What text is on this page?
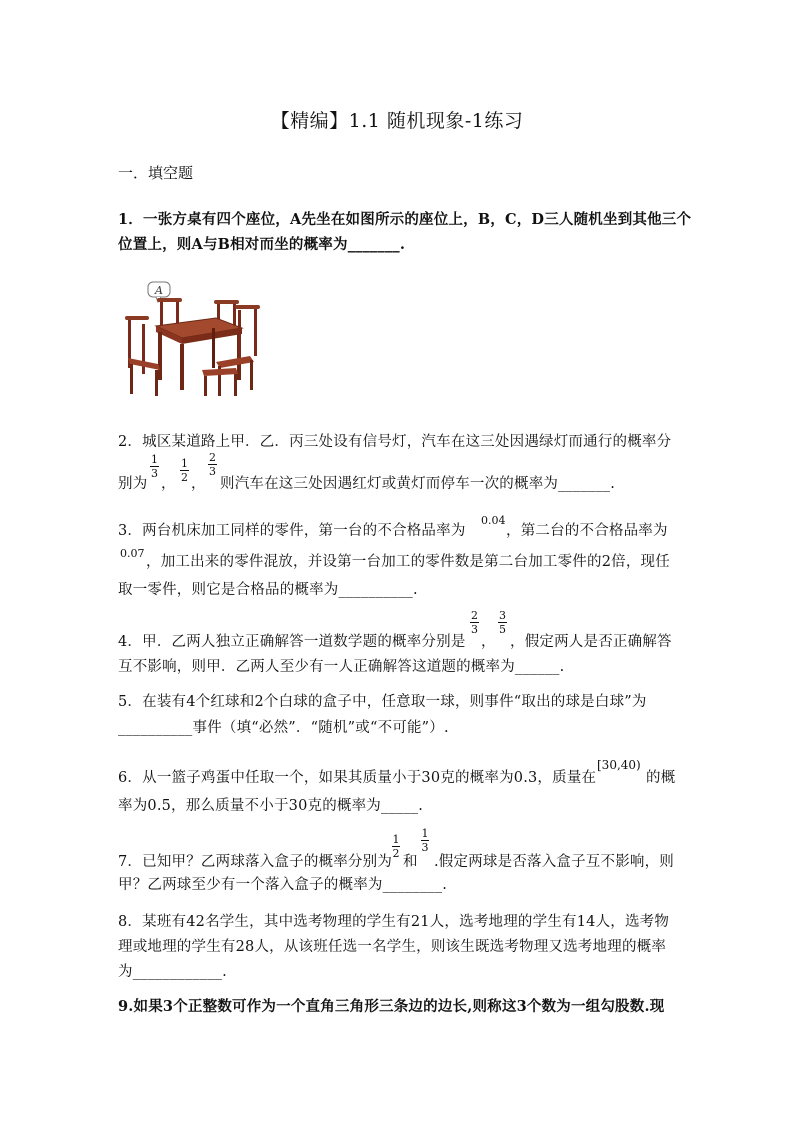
【精编】1.1 随机现象-1练习
一．填空题
1．一张方桌有四个座位，A先坐在如图所示的座位上，B，C，D三人随机坐到其他三个
位置上，则A与B相对而坐的概率为_______.
A
2．城区某道路上甲．乙．丙三处设有信号灯，汽车在这三处因遇绿灯而通行的概率分
别为
1
3
，
1
2 ，
2
3
则汽车在这三处因遇红灯或黄灯而停车一次的概率为_______.
3．两台机床加工同样的零件，第一台的不合格品率为
0.04
，第二台的不合格品率为
0.07
，加工出来的零件混放，并设第一台加工的零件数是第二台加工零件的2倍，现任
取一零件，则它是合格品的概率为__________.
4．甲．乙两人独立正确解答一道数学题的概率分别是
2
3
，
3
5
，假定两人是否正确解答
互不影响，则甲．乙两人至少有一人正确解答这道题的概率为______.
5．在装有4个红球和2个白球的盒子中，任意取一球，则事件“取出的球是白球”为
__________事件（填“必然”．“随机”或“不可能”）.
6．从一篮子鸡蛋中任取一个，如果其质量小于30克的概率为0.3，质量在
[30,40)
的概
率为0.5，那么质量不小于30克的概率为_____.
7．已知甲？乙两球落入盒子的概率分别为
1
2
和
1
3
.假定两球是否落入盒子互不影响，则
甲？乙两球至少有一个落入盒子的概率为________.
8．某班有42名学生，其中选考物理的学生有21人，选考地理的学生有14人，选考物
理或地理的学生有28人，从该班任选一名学生，则该生既选考物理又选考地理的概率
为____________.
9.如果3个正整数可作为一个直角三角形三条边的边长,则称这3个数为一组勾股数.现
